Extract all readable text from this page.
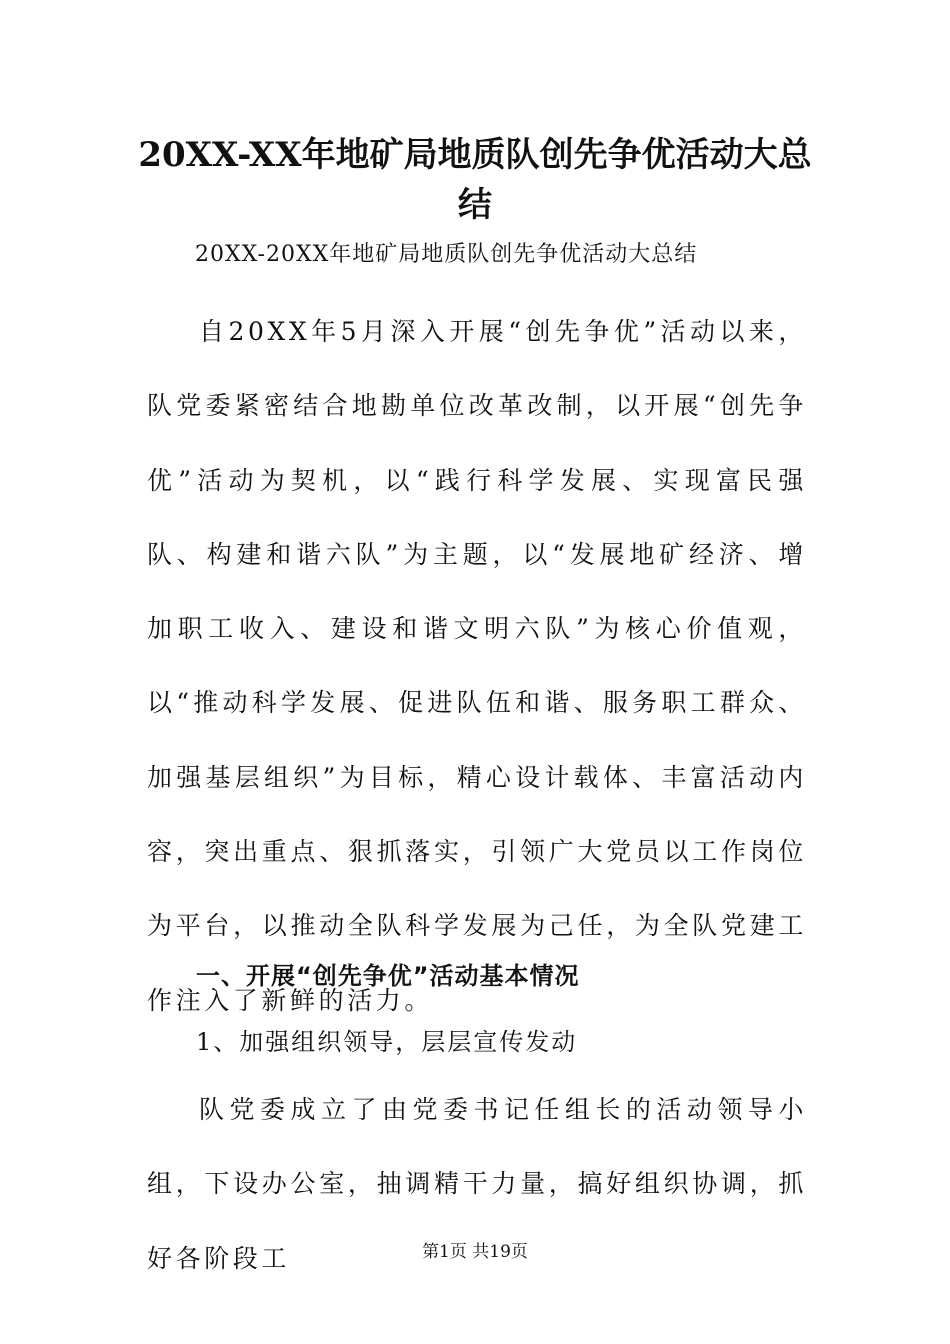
20XX-XX年地矿局地质队创先争优活动大总
结
20XX-20XX年地矿局地质队创先争优活动大总结

自20XX年5月深入开展“创先争优”活动以来，队党委紧密结合地勘单位改革改制，以开展“创先争优”活动为契机，以“践行科学发展、实现富民强队、构建和谐六队”为主题，以“发展地矿经济、增加职工收入、建设和谐文明六队”为核心价值观，以“推动科学发展、促进队伍和谐、服务职工群众、加强基层组织”为目标，精心设计载体、丰富活动内容，突出重点、狠抓落实，引领广大党员以工作岗位为平台，以推动全队科学发展为己任，为全队党建工作注入了新鲜的活力。

一、开展“创先争优”活动基本情况
1、加强组织领导，层层宣传发动

队党委成立了由党委书记任组长的活动领导小组，下设办公室，抽调精干力量，搞好组织协调，抓好各阶段工	第1页 共19页
